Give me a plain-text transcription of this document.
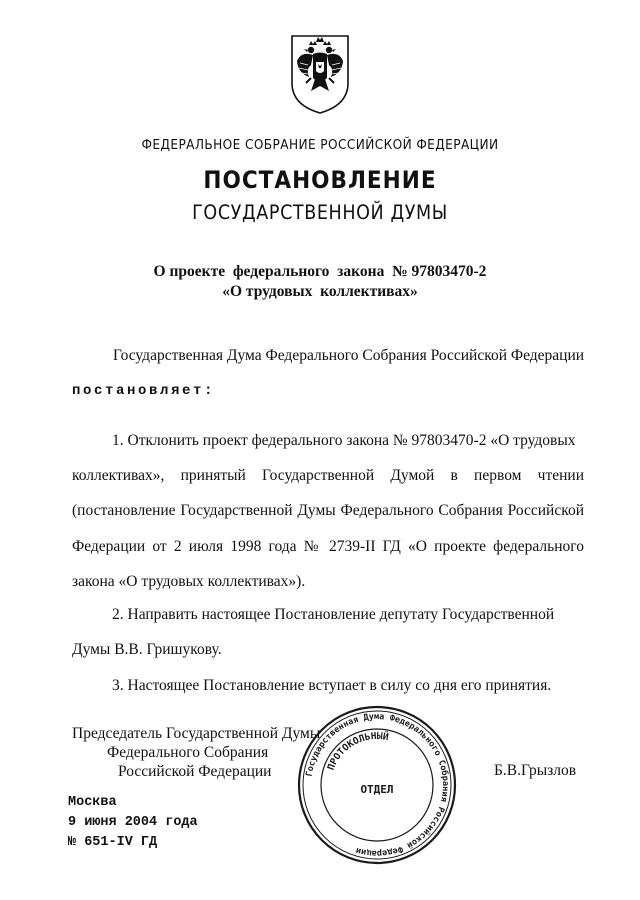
ФЕДЕРАЛЬНОЕ СОБРАНИЕ РОССИЙСКОЙ ФЕДЕРАЦИИ
ПОСТАНОВЛЕНИЕ
ГОСУДАРСТВЕННОЙ ДУМЫ
О проекте  федерального  закона  № 97803470-2
«О трудовых  коллективах»
Государственная Дума Федерального Собрания Российской Федерации
постановляет:
1. Отклонить проект федерального закона № 97803470-2 «О трудовых
коллективах», принятый Государственной Думой в первом чтении (постановление Государственной Думы Федерального Собрания Российской Федерации от 2 июля 1998 года № 2739-II ГД «О проекте федерального закона «О трудовых коллективах»).
2. Направить настоящее Постановление депутату Государственной
Думы В.В. Гришукову.
3. Настоящее Постановление вступает в силу со дня его принятия.
Председатель Государственной Думы
Федерального Собрания
Российской Федерации	Б.В.Грызлов
Москва
9 июня 2004 года
№ 651-IV ГД
Государственная Дума Федерального Собрания Российской Федерации
ПРОТОКОЛЬНЫЙ
ОТДЕЛ
